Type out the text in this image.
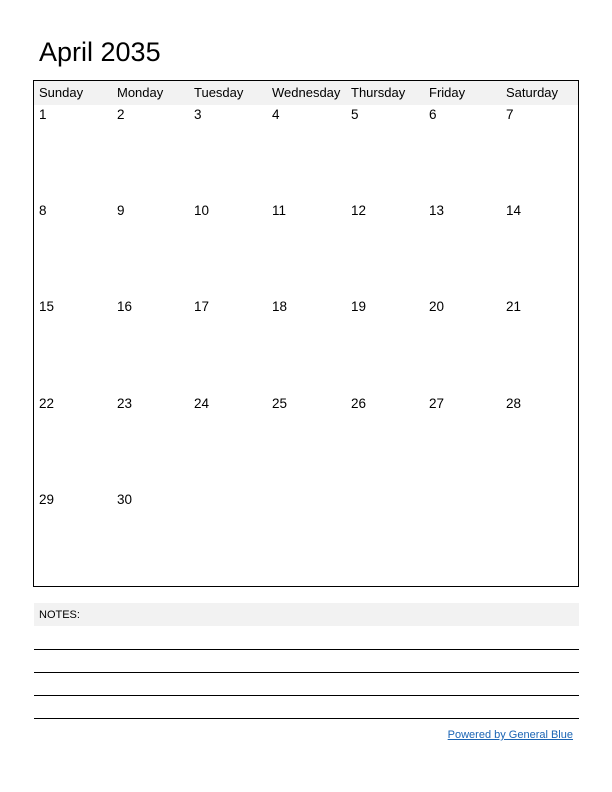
April 2035
Sunday	Monday Tuesday Wednesday Thursday Friday	Saturday
1	2	3	4	5	6	7
8	9	10	11	12	13	14
15	16	17	18	19	20	21
22	23	24	25	26	27	28
29	30
NOTES:
Powered by General Blue
